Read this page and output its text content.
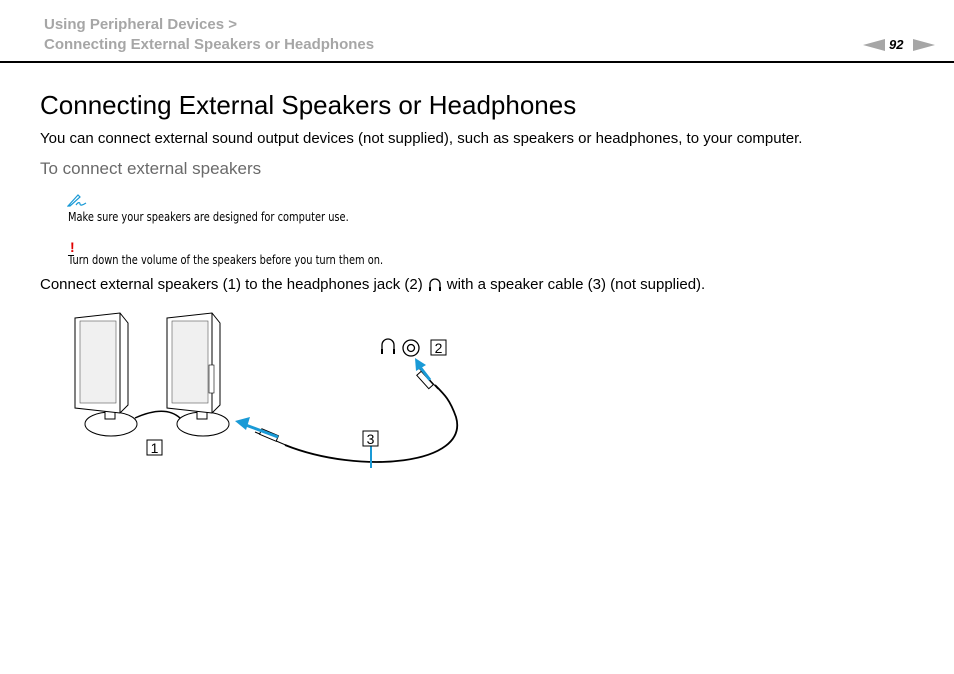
Using Peripheral Devices >
Connecting External Speakers or Headphones	92
Connecting External Speakers or Headphones

You can connect external sound output devices (not supplied), such as speakers or headphones, to your computer.

To connect external speakers
Make sure your speakers are designed for computer use.
!
Turn down the volume of the speakers before you turn them on.

Connect external speakers (1) to the headphones jack (2) with a speaker cable (3) (not supplied).

1
2
3
